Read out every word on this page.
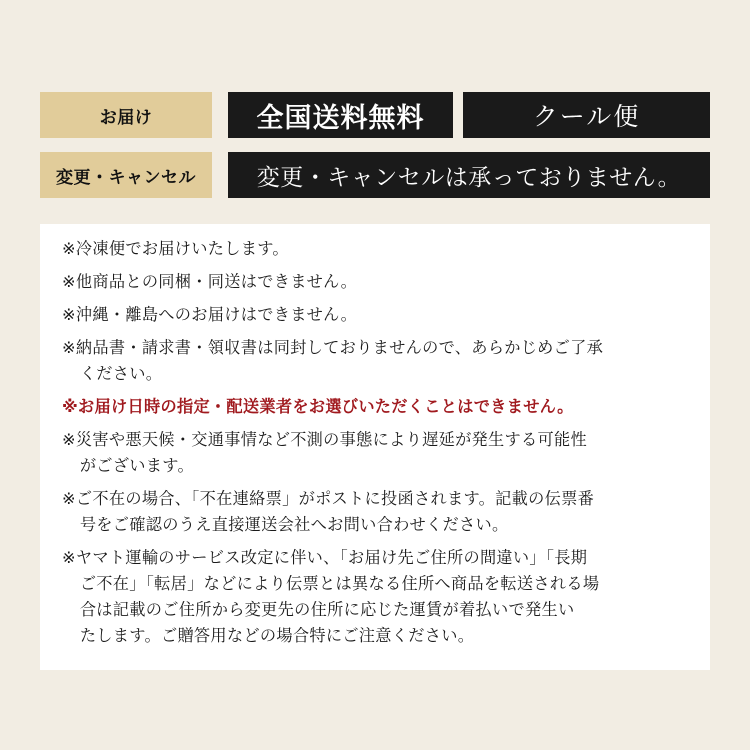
お届け	全国送料無料	クール便
変更・キャンセル	変更・キャンセルは承っておりません。

※冷凍便でお届けいたします。

※他商品との同梱・同送はできません。

※沖縄・離島へのお届けはできません。

※納品書・請求書・領収書は同封しておりませんので、あらかじめご了承
ください。

※お届け日時の指定・配送業者をお選びいただくことはできません。

※災害や悪天候・交通事情など不測の事態により遅延が発生する可能性
がございます。

※ご不在の場合、「不在連絡票」がポストに投函されます。記載の伝票番
号をご確認のうえ直接運送会社へお問い合わせください。

※ヤマト運輸のサービス改定に伴い、「お届け先ご住所の間違い」「長期
ご不在」「転居」などにより伝票とは異なる住所へ商品を転送される場
合は記載のご住所から変更先の住所に応じた運賃が着払いで発生い
たします。ご贈答用などの場合特にご注意ください。
